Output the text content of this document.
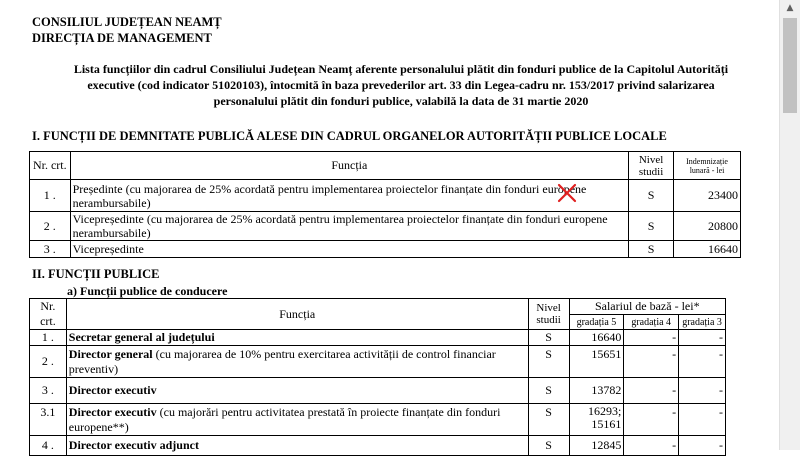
CONSILIUL JUDEȚEAN NEAMȚ
DIRECȚIA DE MANAGEMENT
Lista funcțiilor din cadrul Consiliului Județean Neamț aferente personalului plătit din fonduri publice de la Capitolul Autorități executive (cod indicator 51020103), întocmită în baza prevederilor art. 33 din Legea-cadru nr. 153/2017 privind salarizarea personalului plătit din fonduri publice, valabilă la data de 31 martie 2020
I. FUNCȚII DE DEMNITATE PUBLICĂ ALESE DIN CADRUL ORGANELOR AUTORITĂȚII PUBLICE LOCALE
Nr. crt.	Funcția	Nivel studii	Indemnizație lunară - lei
1 .	Președinte (cu majorarea de 25% acordată pentru implementarea proiectelor finanțate din fonduri europene nerambursabile)	S	23400
2 .	Vicepreședinte (cu majorarea de 25% acordată pentru implementarea proiectelor finanțate din fonduri europene nerambursabile)	S	20800
3 .	Vicepreședinte	S	16640
II. FUNCȚII PUBLICE
a) Funcții publice de conducere
Nr. crt.	Funcția	Nivel studii	Salariul de bază - lei*		
			gradația 5	gradația 4	gradația 3
1 .	Secretar general al județului	S	16640	-	-
2 .	Director general (cu majorarea de 10% pentru exercitarea activității de control financiar preventiv)	S	15651	-	-
3 .	Director executiv	S	13782	-	-
3.1	Director executiv (cu majorări pentru activitatea prestată în proiecte finanțate din fonduri europene**)	S	16293;
15161	-	-
4 .	Director executiv adjunct	S	12845	-	-
▲
